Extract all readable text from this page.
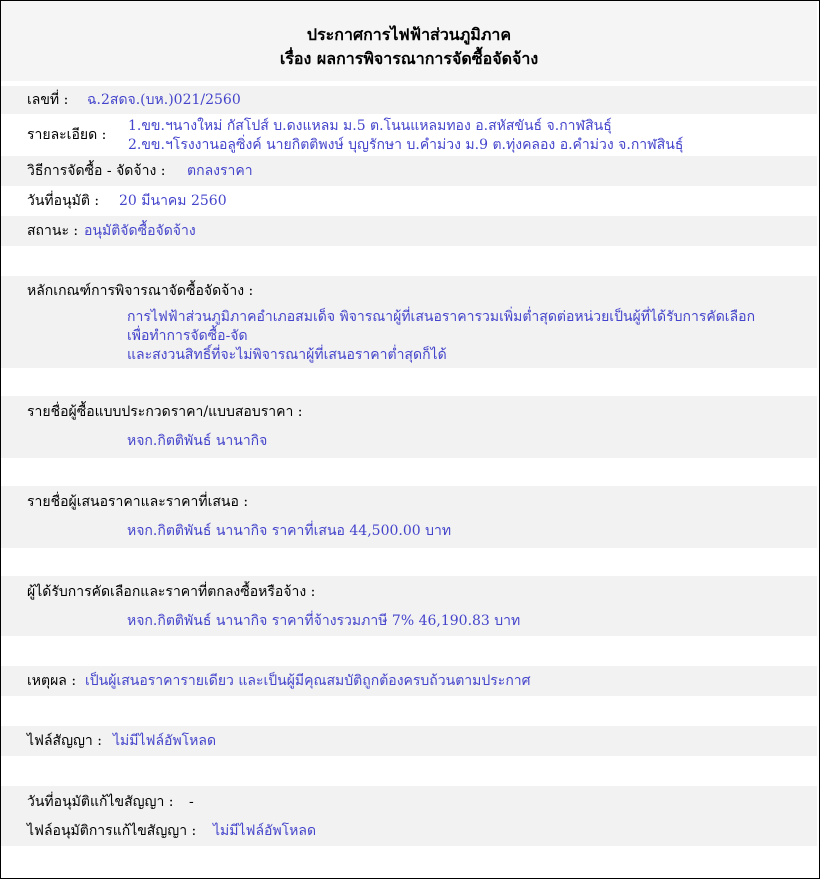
ประกาศการไฟฟ้าส่วนภูมิภาค
เรื่อง ผลการพิจารณาการจัดซื้อจัดจ้าง
เลขที่ : ฉ.2สดจ.(บห.)021/2560
รายละเอียด :
1.ขข.ฯนางใหม่ กัสโปส์ บ.ดงแหลม ม.5 ต.โนนแหลมทอง อ.สหัสขันธ์ จ.กาฬสินธุ์
2.ขข.ฯโรงงานอลูซิ่งค์ นายกิตติพงษ์ บุญรักษา บ.คำม่วง ม.9 ต.ทุ่งคลอง อ.คำม่วง จ.กาฬสินธุ์
วิธีการจัดซื้อ - จัดจ้าง : ตกลงราคา
วันที่อนุมัติ : 20 มีนาคม 2560
สถานะ : อนุมัติจัดซื้อจัดจ้าง
หลักเกณฑ์การพิจารณาจัดซื้อจัดจ้าง :
การไฟฟ้าส่วนภูมิภาคอำเภอสมเด็จ พิจารณาผู้ที่เสนอราคารวมเพิ่มต่ำสุดต่อหน่วยเป็นผู้ที่ได้รับการคัดเลือก
เพื่อทำการจัดซื้อ-จัด
และสงวนสิทธิ์ที่จะไม่พิจารณาผู้ที่เสนอราคาต่ำสุดก็ได้
รายชื่อผู้ซื้อแบบประกวดราคา/แบบสอบราคา :
หจก.กิตติพันธ์ นานากิจ
รายชื่อผู้เสนอราคาและราคาที่เสนอ :
หจก.กิตติพันธ์ นานากิจ ราคาที่เสนอ 44,500.00 บาท
ผู้ได้รับการคัดเลือกและราคาที่ตกลงซื้อหรือจ้าง :
หจก.กิตติพันธ์ นานากิจ ราคาที่จ้างรวมภาษี 7% 46,190.83 บาท
เหตุผล : เป็นผู้เสนอราคารายเดียว และเป็นผู้มีคุณสมบัติถูกต้องครบถ้วนตามประกาศ
ไฟล์สัญญา : ไม่มีไฟล์อัพโหลด
วันที่อนุมัติแก้ไขสัญญา : -
ไฟล์อนุมัติการแก้ไขสัญญา : ไม่มีไฟล์อัพโหลด
